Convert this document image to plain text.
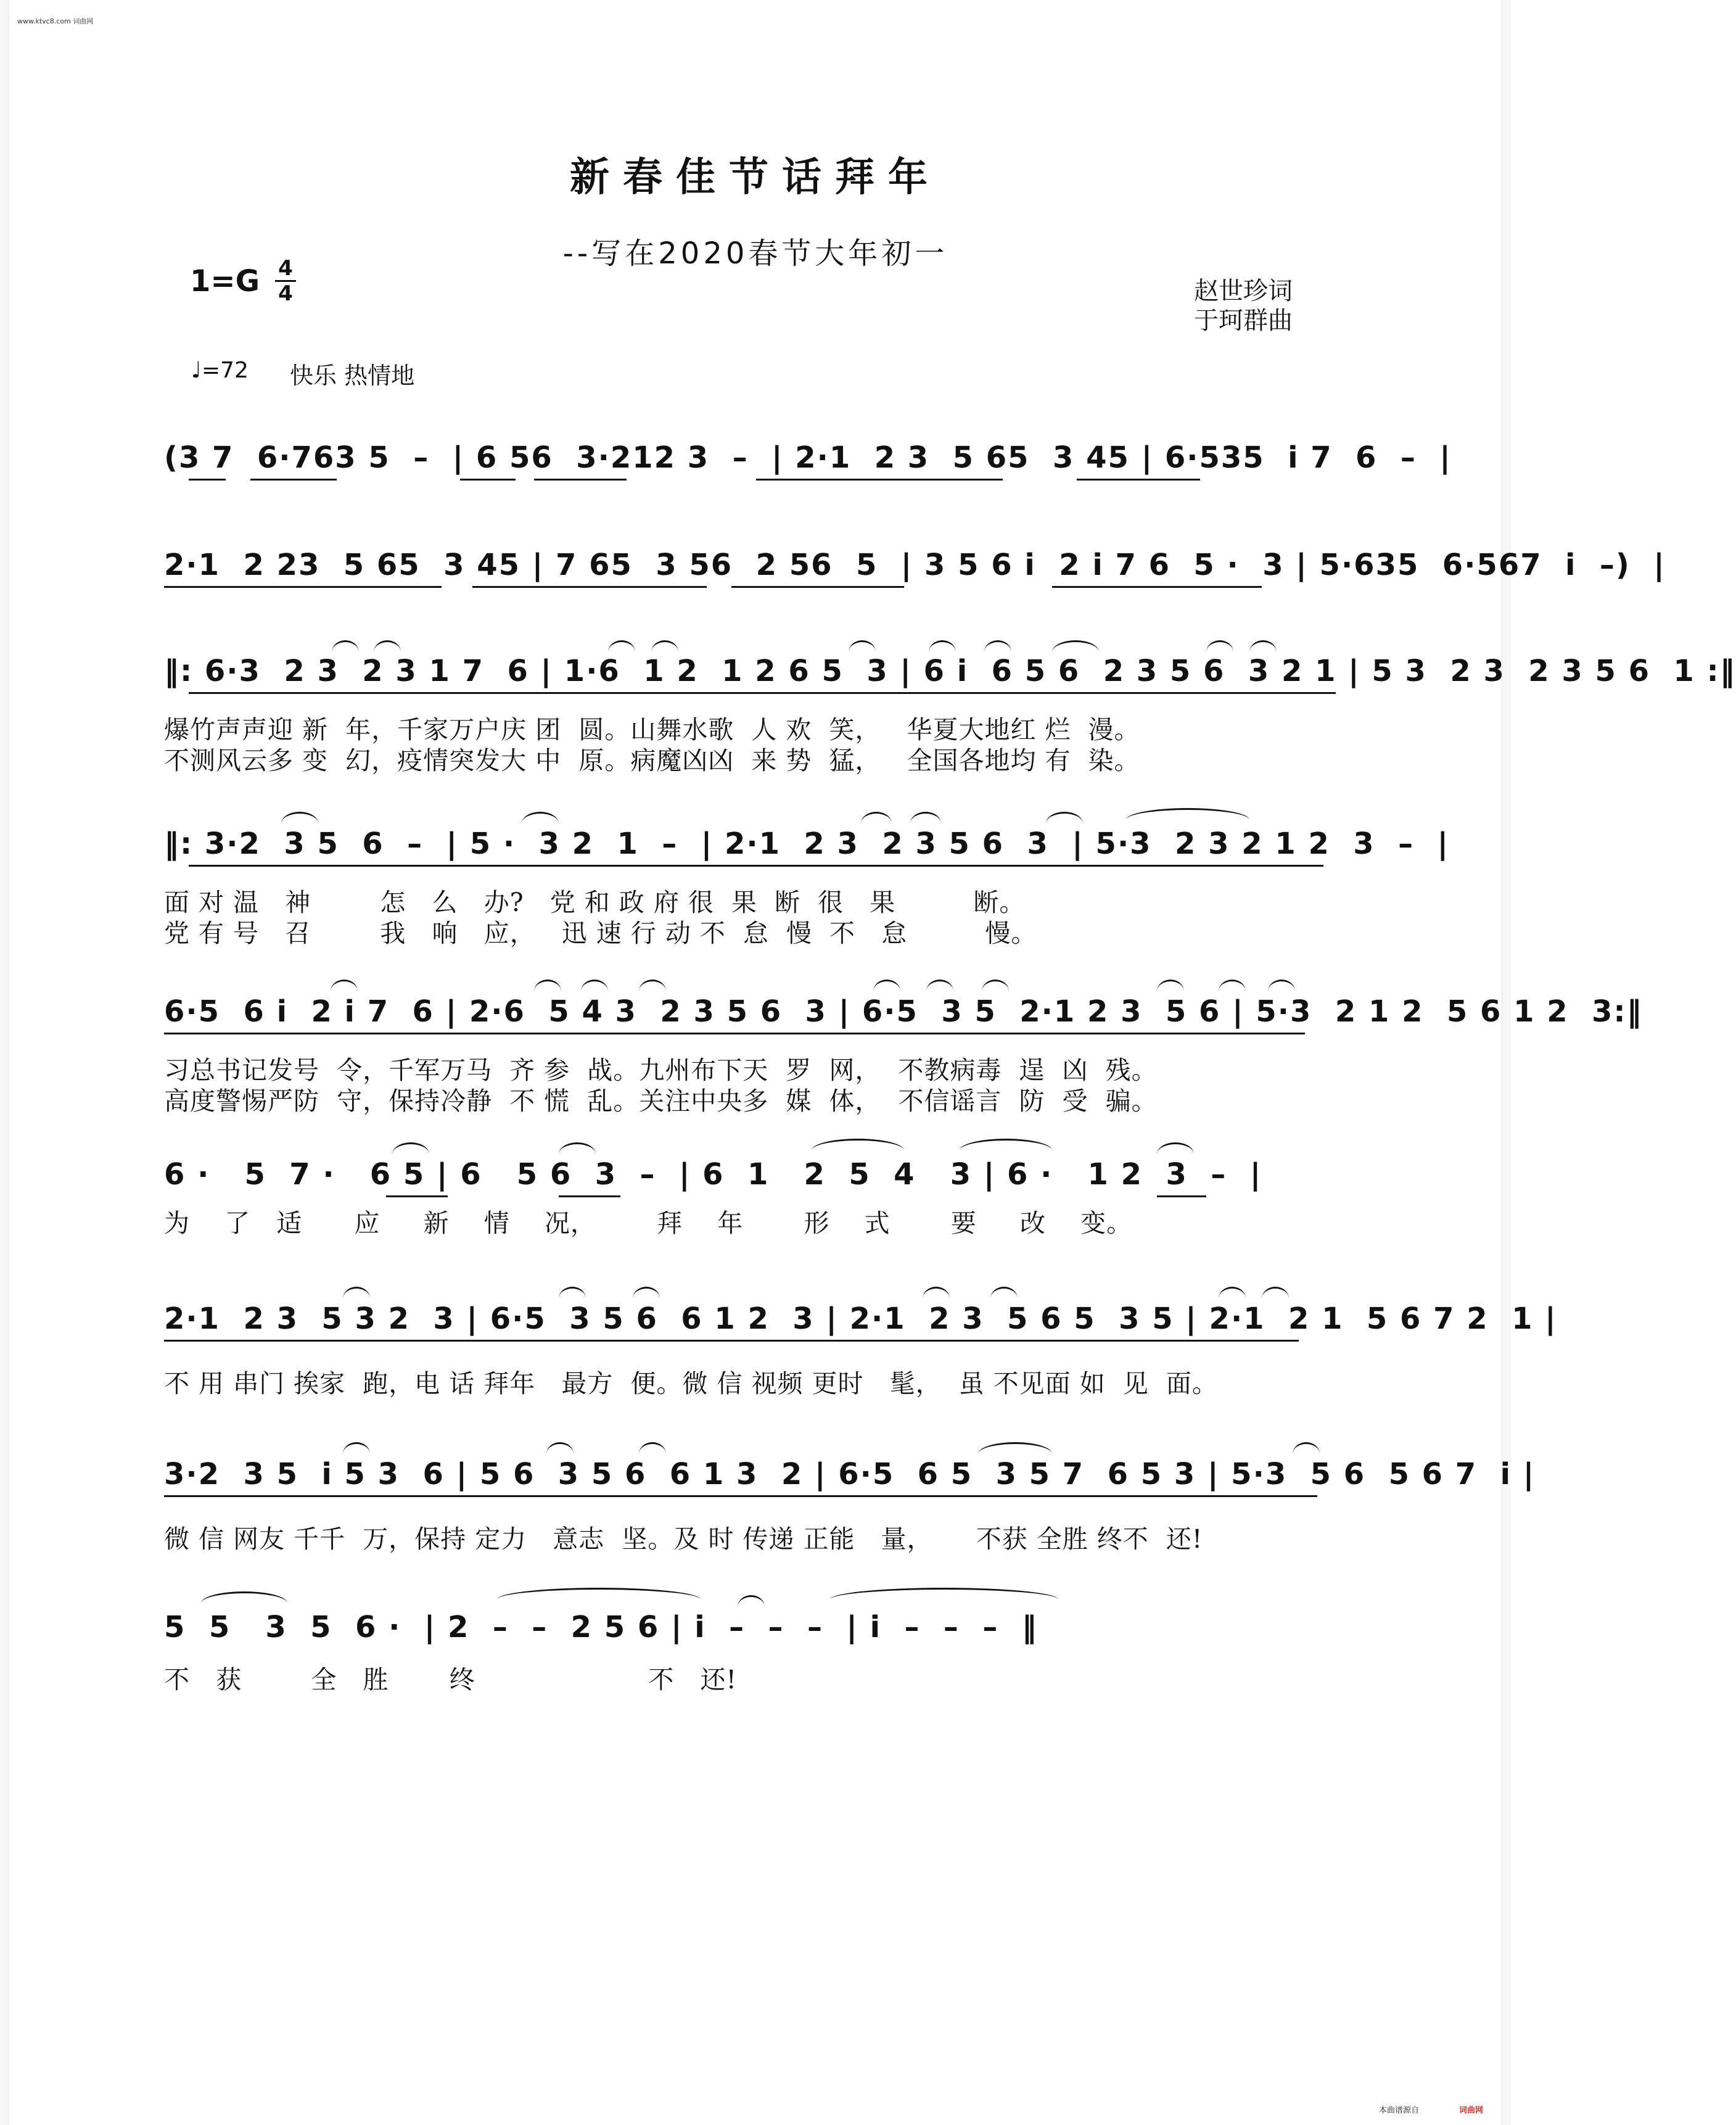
www.ktvc8.com 词曲网
新春佳节话拜年
--写在2020春节大年初一
1=G 4
4	赵世珍词
于珂群曲
♩=72 快乐 热情地
(3 7  6·763 5  –  | 6 56  3·212 3  –  | 2·1  2 3  5 65  3 45 | 6·535  i 7  6  –  |
2·1  2 23  5 65  3 45 | 7 65  3 56  2 56  5  | 3 5 6 i  2 i 7 6  5 ·  3 | 5·635  6·567  i  –)  |
‖: 6·3  2 3  2 3 1 7  6 | 1·6  1 2  1 2 6 5  3 | 6 i  6 5 6  2 3 5 6  3 2 1 | 5 3  2 3  2 3 5 6  1 :‖
爆竹声声迎 新  年，千家万户庆 团  圆。山舞水歌  人 欢  笑，   华夏大地红 烂  漫。
不测风云多 变  幻，疫情突发大 中  原。病魔凶凶  来 势  猛，   全国各地均 有  染。
‖: 3·2  3 5  6  –  | 5 ·  3 2  1  –  | 2·1  2 3  2 3 5 6  3  | 5·3  2 3 2 1 2  3  –  |
面 对 温   神        怎   么   办?   党 和 政 府 很  果  断  很   果         断。
党 有 号   召        我   响   应，   迅 速 行 动 不  怠  慢  不   怠         慢。
6·5  6 i  2 i 7  6 | 2·6  5 4 3  2 3 5 6  3 | 6·5  3 5  2·1 2 3  5 6 | 5·3  2 1 2  5 6 1 2  3:‖
习总书记发号  令，千军万马  齐 参  战。九州布下天  罗  网，  不教病毒  逞  凶  残。
高度警惕严防  守，保持冷静  不 慌  乱。关注中央多  媒  体，  不信谣言  防  受  骗。
6 ·   5  7 ·   6 5 | 6   5 6  3  –  | 6  1   2  5  4   3 | 6 ·   1 2  3  –  |
为    了   适      应     新    情    况，       拜    年       形    式       要     改    变。
2·1  2 3  5 3 2  3 | 6·5  3 5 6  6 1 2  3 | 2·1  2 3  5 6 5  3 5 | 2·1  2 1  5 6 7 2  1 |
不 用 串门 挨家  跑，电 话 拜年   最方  便。微 信 视频 更时   髦，  虽 不见面 如  见  面。
3·2  3 5  i 5 3  6 | 5 6  3 5 6  6 1 3  2 | 6·5  6 5  3 5 7  6 5 3 | 5·3  5 6  5 6 7  i |
微 信 网友 千千  万，保持 定力   意志  坚。及 时 传递 正能   量，     不获 全胜 终不  还!
5  5   3  5  6 ·  | 2  –  –  2 5 6 | i  –  –  –  | i  –  –  –  ‖
不   获        全   胜       终                    不   还!
本曲谱源自	词曲网
